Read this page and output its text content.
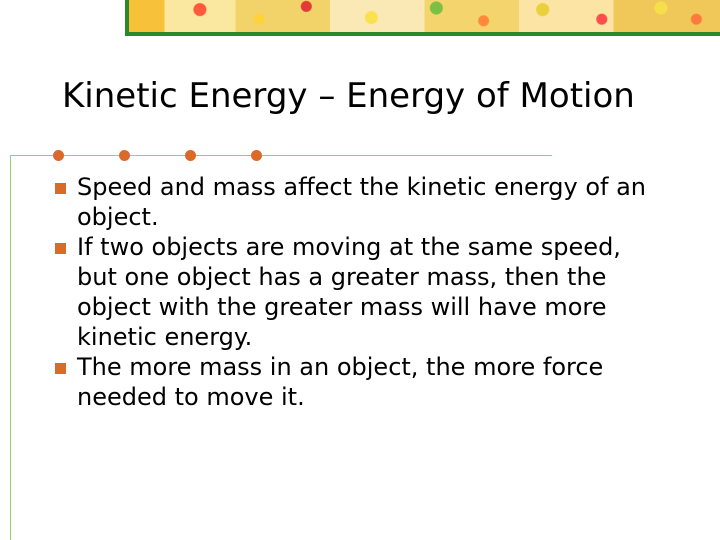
Kinetic Energy – Energy of Motion
Speed and mass affect the kinetic energy of an object.
If two objects are moving at the same speed, but one object has a greater mass, then the object with the greater mass will have more kinetic energy.
The more mass in an object, the more force needed to move it.
